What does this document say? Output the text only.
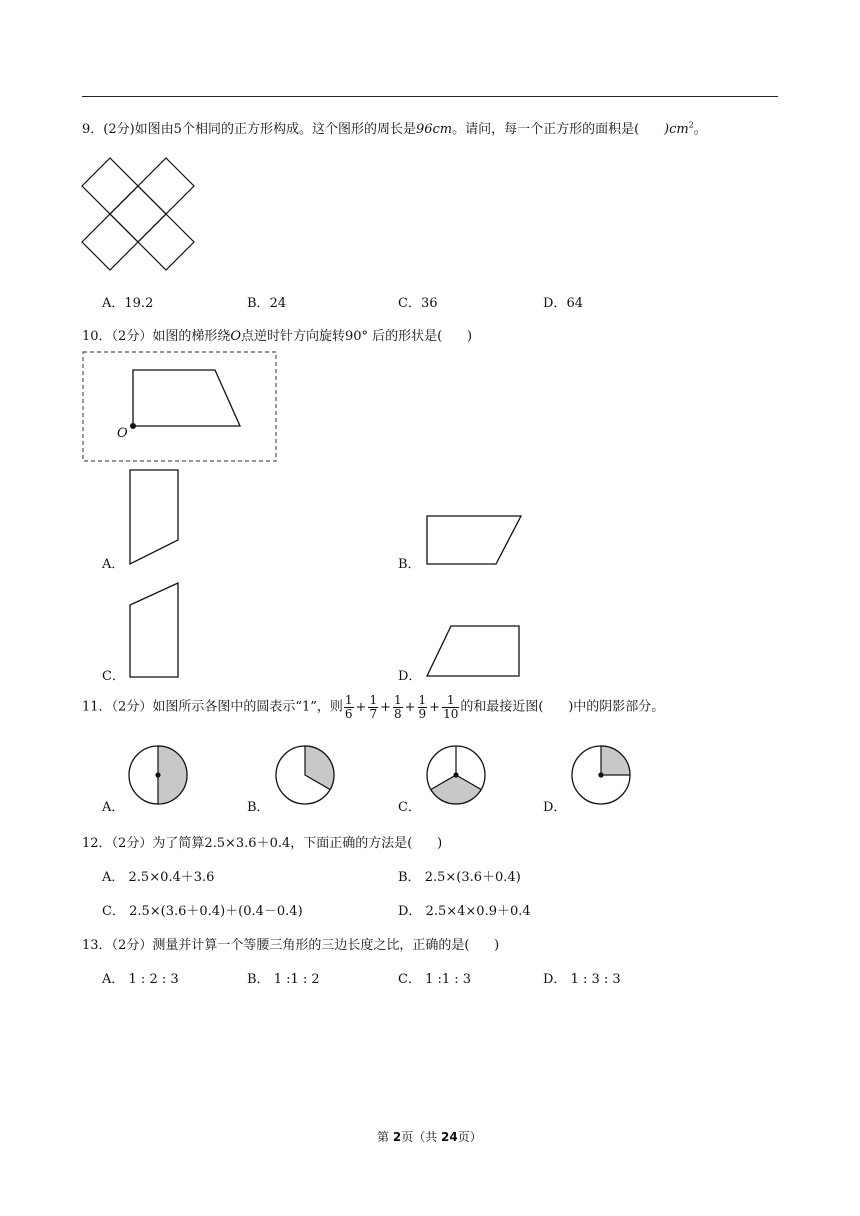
9．(2分)如图由5个相同的正方形构成。这个图形的周长是96cm。请问，每一个正方形的面积是( )$cm^2$。
A．19.2	B．24	C．36	D．64
10．（2分）如图的梯形绕O点逆时针方向旋转90° 后的形状是(      )
O
A．	B．
C．	D．
11．（2分）如图所示各图中的圆表示“1”，则 $\frac{1}{6} + \frac{1}{7} + \frac{1}{8} + \frac{1}{9} + \frac{1}{10}$ 的和最接近图(      )中的阴影部分。
A．	B．	C．	D．
12．（2分）为了简算2.5×3.6＋0.4，下面正确的方法是(      )
A． 2.5×0.4＋3.6	B． 2.5×(3.6＋0.4)
C． 2.5×(3.6＋0.4)＋(0.4－0.4)	D． 2.5×4×0.9＋0.4
13．（2分）测量并计算一个等腰三角形的三边长度之比，正确的是(      )
A． 1 : 2 : 3	B． 1 :1 : 2	C． 1 :1 : 3	D． 1 : 3 : 3
第 2页（共 24页）
